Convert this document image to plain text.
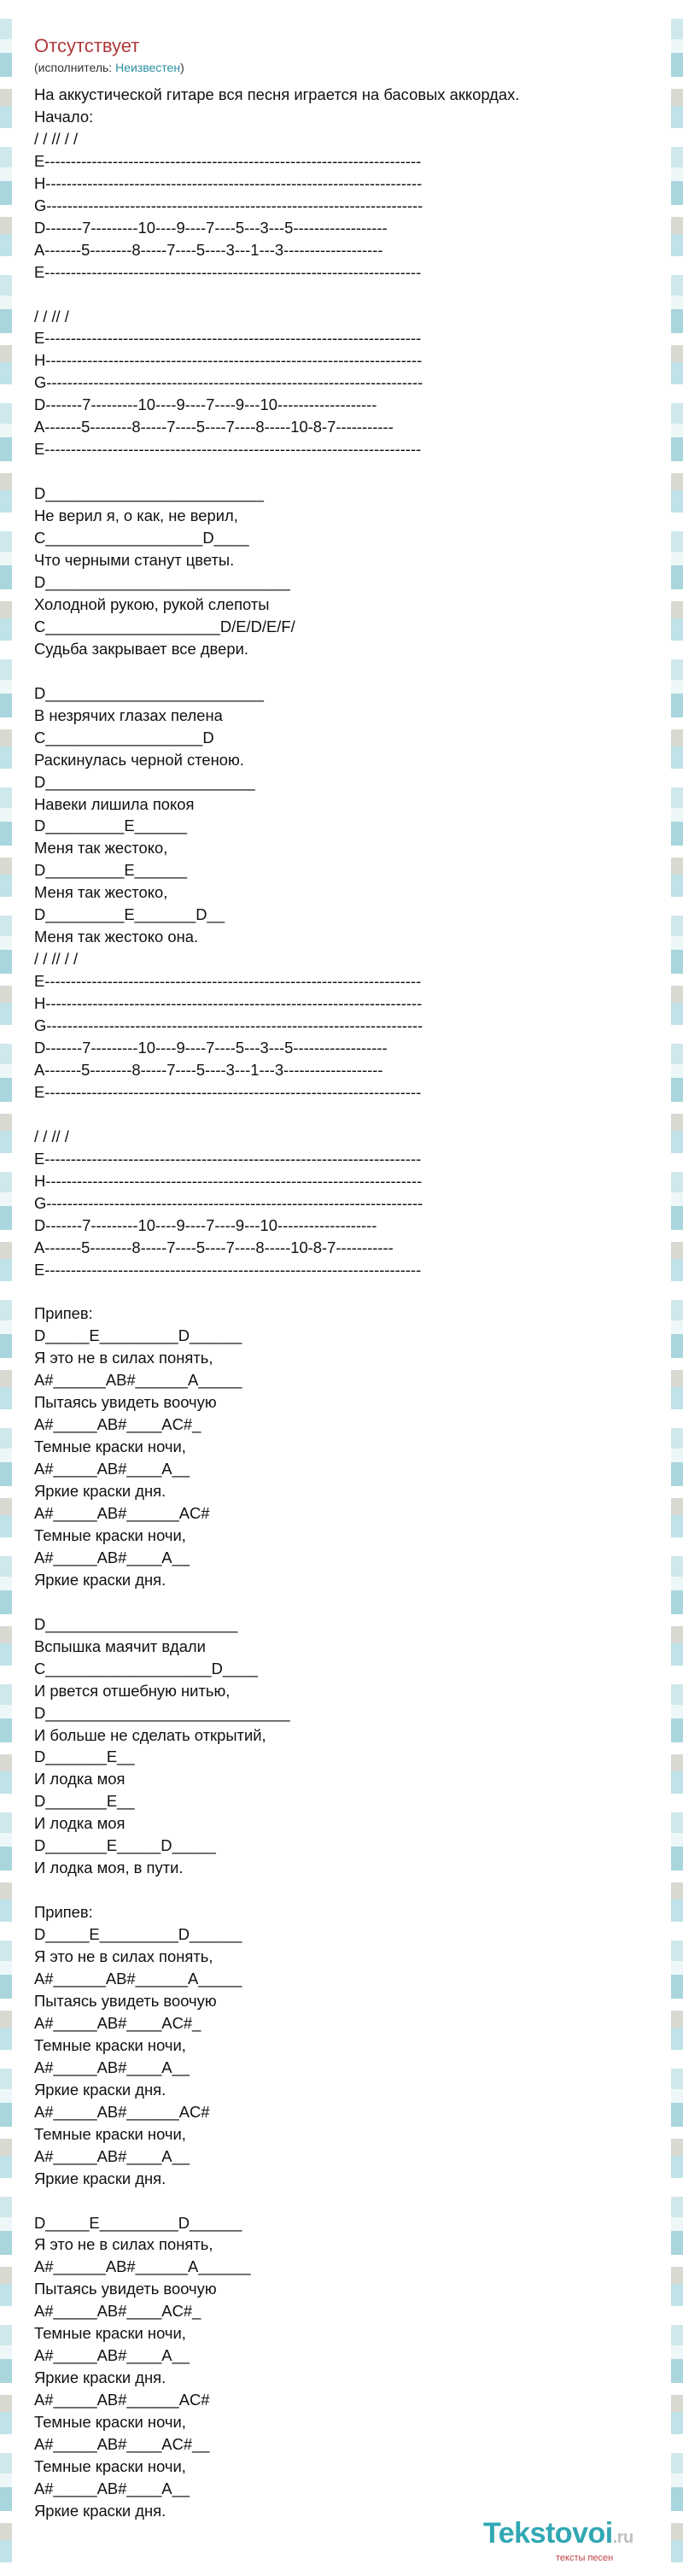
Отсутствует
(исполнитель: Неизвестен)
На аккустической гитаре вся песня играется на басовых аккордах.
Начало:
/ / // / /
E------------------------------------------------------------------------
H------------------------------------------------------------------------
G------------------------------------------------------------------------
D-------7---------10----9----7----5---3---5------------------
A-------5--------8-----7----5----3---1---3-------------------
E------------------------------------------------------------------------

/ / // /
E------------------------------------------------------------------------
H------------------------------------------------------------------------
G------------------------------------------------------------------------
D-------7---------10----9----7----9---10-------------------
A-------5--------8-----7----5----7----8-----10-8-7-----------
E------------------------------------------------------------------------

D_________________________
Не верил я, о как, не верил,
C__________________D____
Что черными станут цветы.
D____________________________
Холодной рукою, рукой слепоты
C____________________D/E/D/E/F/
Судьба закрывает все двери.

D_________________________
В незрячих глазах пелена
C__________________D
Раскинулась черной стеною.
D________________________
Навеки лишила покоя
D_________E______
Меня так жестоко,
D_________E______
Меня так жестоко,
D_________E_______D__
Меня так жестоко она.
/ / // / /
E------------------------------------------------------------------------
H------------------------------------------------------------------------
G------------------------------------------------------------------------
D-------7---------10----9----7----5---3---5------------------
A-------5--------8-----7----5----3---1---3-------------------
E------------------------------------------------------------------------

/ / // /
E------------------------------------------------------------------------
H------------------------------------------------------------------------
G------------------------------------------------------------------------
D-------7---------10----9----7----9---10-------------------
A-------5--------8-----7----5----7----8-----10-8-7-----------
E------------------------------------------------------------------------

Припев:
D_____E_________D______
Я это не в силах понять,
A#______AB#______A_____
Пытаясь увидеть воочую
A#_____AB#____AC#_
Темные краски ночи,
A#_____AB#____A__
Яркие краски дня.
A#_____AB#______AC#
Темные краски ночи,
A#_____AB#____A__
Яркие краски дня.

D______________________
Вспышка маячит вдали
C___________________D____
И рвется отшебную нитью,
D____________________________
И больше не сделать открытий,
D_______E__
И лодка моя
D_______E__
И лодка моя
D_______E_____D_____
И лодка моя, в пути.

Припев:
D_____E_________D______
Я это не в силах понять,
A#______AB#______A_____
Пытаясь увидеть воочую
A#_____AB#____AC#_
Темные краски ночи,
A#_____AB#____A__
Яркие краски дня.
A#_____AB#______AC#
Темные краски ночи,
A#_____AB#____A__
Яркие краски дня.

D_____E_________D______
Я это не в силах понять,
A#______AB#______A______
Пытаясь увидеть воочую
A#_____AB#____AC#_
Темные краски ночи,
A#_____AB#____A__
Яркие краски дня.
A#_____AB#______AC#
Темные краски ночи,
A#_____AB#____AC#__
Темные краски ночи,
A#_____AB#____A__
Яркие краски дня.
Tekstovoi.ru
тексты песен
